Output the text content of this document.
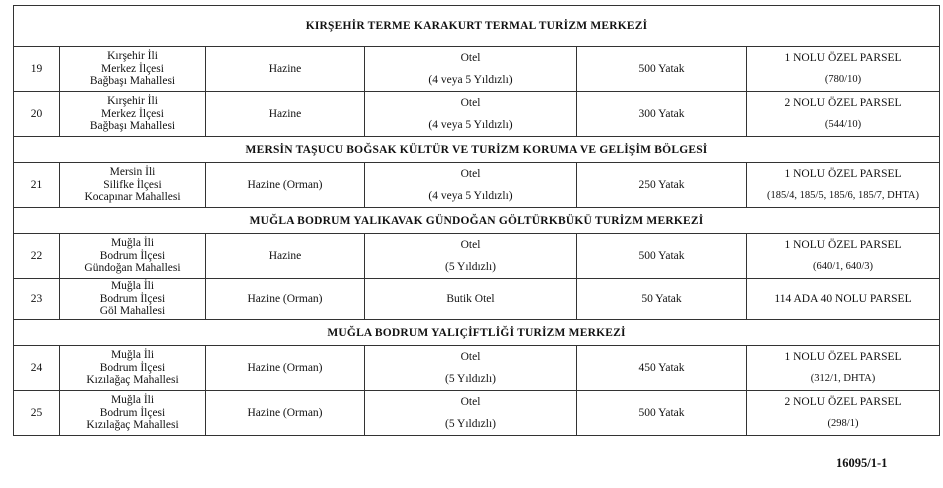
KIRŞEHİR TERME KARAKURT TERMAL TURİZM MERKEZİ					
19	Kırşehir İli
Merkez İlçesi
Bağbaşı Mahallesi	Hazine	Otel
(4 veya 5 Yıldızlı)	500 Yatak	1 NOLU ÖZEL PARSEL
(780/10)

20	Kırşehir İli
Merkez İlçesi
Bağbaşı Mahallesi	Hazine	Otel
(4 veya 5 Yıldızlı)	300 Yatak	2 NOLU ÖZEL PARSEL
(544/10)

MERSİN TAŞUCU BOĞSAK KÜLTÜR VE TURİZM KORUMA VE GELİŞİM BÖLGESİ					
21	Mersin İli
Silifke İlçesi
Kocapınar Mahallesi	Hazine (Orman)	Otel
(4 veya 5 Yıldızlı)	250 Yatak	1 NOLU ÖZEL PARSEL
(185/4, 185/5, 185/6, 185/7, DHTA)

MUĞLA BODRUM YALIKAVAK GÜNDOĞAN GÖLTÜRKBÜKÜ TURİZM MERKEZİ					
22	Muğla İli
Bodrum İlçesi
Gündoğan Mahallesi	Hazine	Otel
(5 Yıldızlı)	500 Yatak	1 NOLU ÖZEL PARSEL
(640/1, 640/3)

23	Muğla İli
Bodrum İlçesi
Göl Mahallesi	Hazine (Orman)	Butik Otel	50 Yatak	114 ADA 40 NOLU PARSEL

MUĞLA BODRUM YALIÇİFTLİĞİ TURİZM MERKEZİ					
24	Muğla İli
Bodrum İlçesi
Kızılağaç Mahallesi	Hazine (Orman)	Otel
(5 Yıldızlı)	450 Yatak	1 NOLU ÖZEL PARSEL
(312/1, DHTA)

25	Muğla İli
Bodrum İlçesi
Kızılağaç Mahallesi	Hazine (Orman)	Otel
(5 Yıldızlı)	500 Yatak	2 NOLU ÖZEL PARSEL
(298/1)
16095/1-1
